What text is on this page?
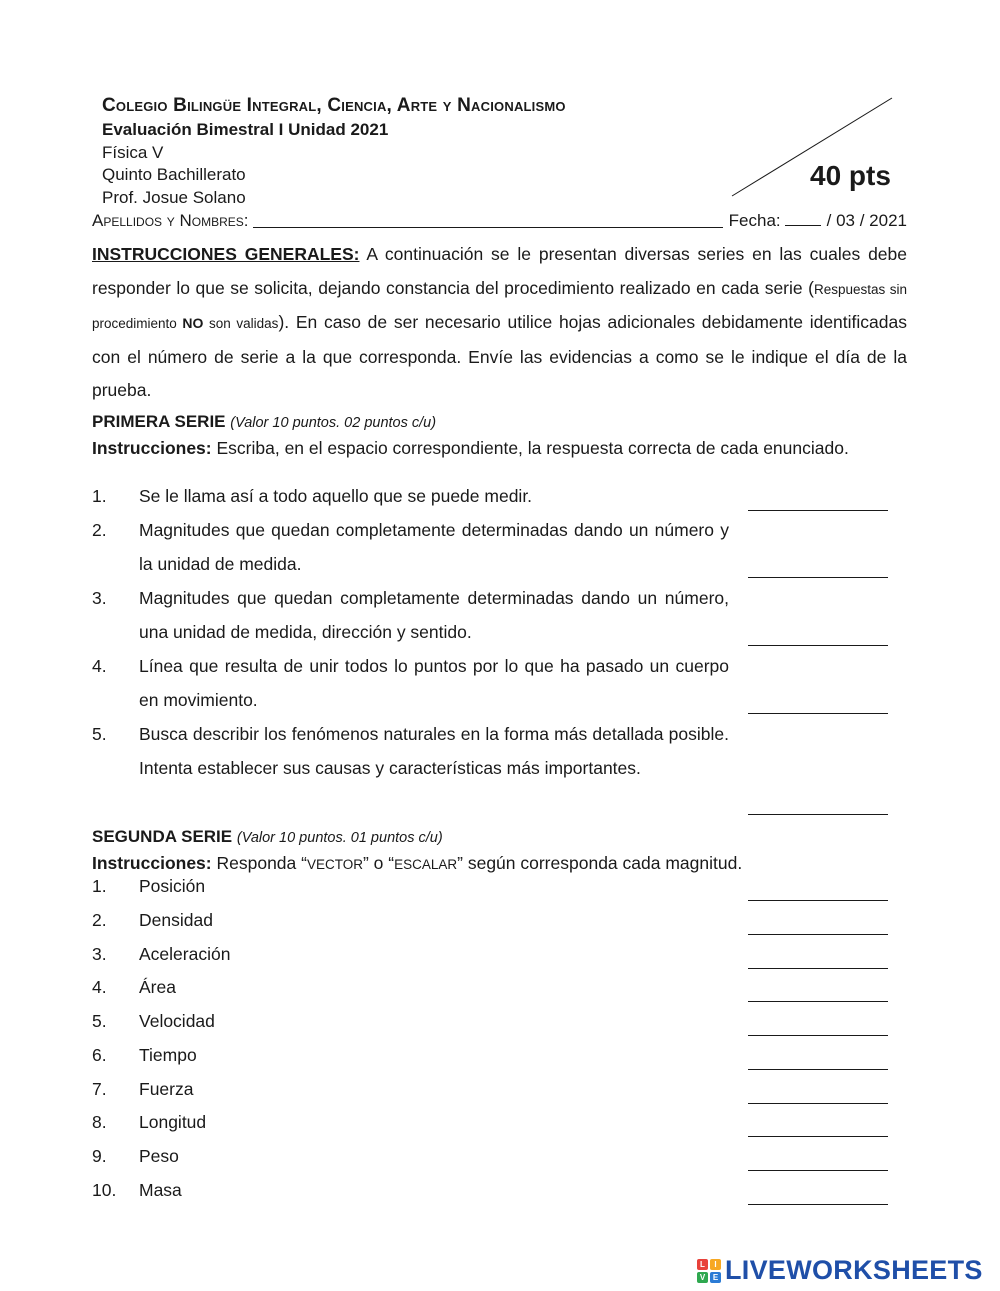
Colegio Bilingüe Integral, Ciencia, Arte y Nacionalismo
Evaluación Bimestral I Unidad 2021
Física V
Quinto Bachillerato
Prof. Josue Solano
40 pts
Apellidos y Nombres:	Fecha:	/ 03 / 2021
INSTRUCCIONES GENERALES: A continuación se le presentan diversas series en las cuales debe responder lo que se solicita, dejando constancia del procedimiento realizado en cada serie (Respuestas sin procedimiento NO son validas). En caso de ser necesario utilice hojas adicionales debidamente identificadas con el número de serie a la que corresponda. Envíe las evidencias a como se le indique el día de la prueba.
PRIMERA SERIE (Valor 10 puntos. 02 puntos c/u)
Instrucciones: Escriba, en el espacio correspondiente, la respuesta correcta de cada enunciado.
1. Se le llama así a todo aquello que se puede medir.
2. Magnitudes que quedan completamente determinadas dando un número y la unidad de medida.
3. Magnitudes que quedan completamente determinadas dando un número, una unidad de medida, dirección y sentido.
4. Línea que resulta de unir todos lo puntos por lo que ha pasado un cuerpo en movimiento.
5. Busca describir los fenómenos naturales en la forma más detallada posible. Intenta establecer sus causas y características más importantes.
SEGUNDA SERIE (Valor 10 puntos. 01 puntos c/u)
Instrucciones: Responda “VECTOR” o “ESCALAR” según corresponda cada magnitud.
1. Posición
2. Densidad
3. Aceleración
4. Área
5. Velocidad
6. Tiempo
7. Fuerza
8. Longitud
9. Peso
10. Masa
L	I
V E LIVEWORKSHEETS
